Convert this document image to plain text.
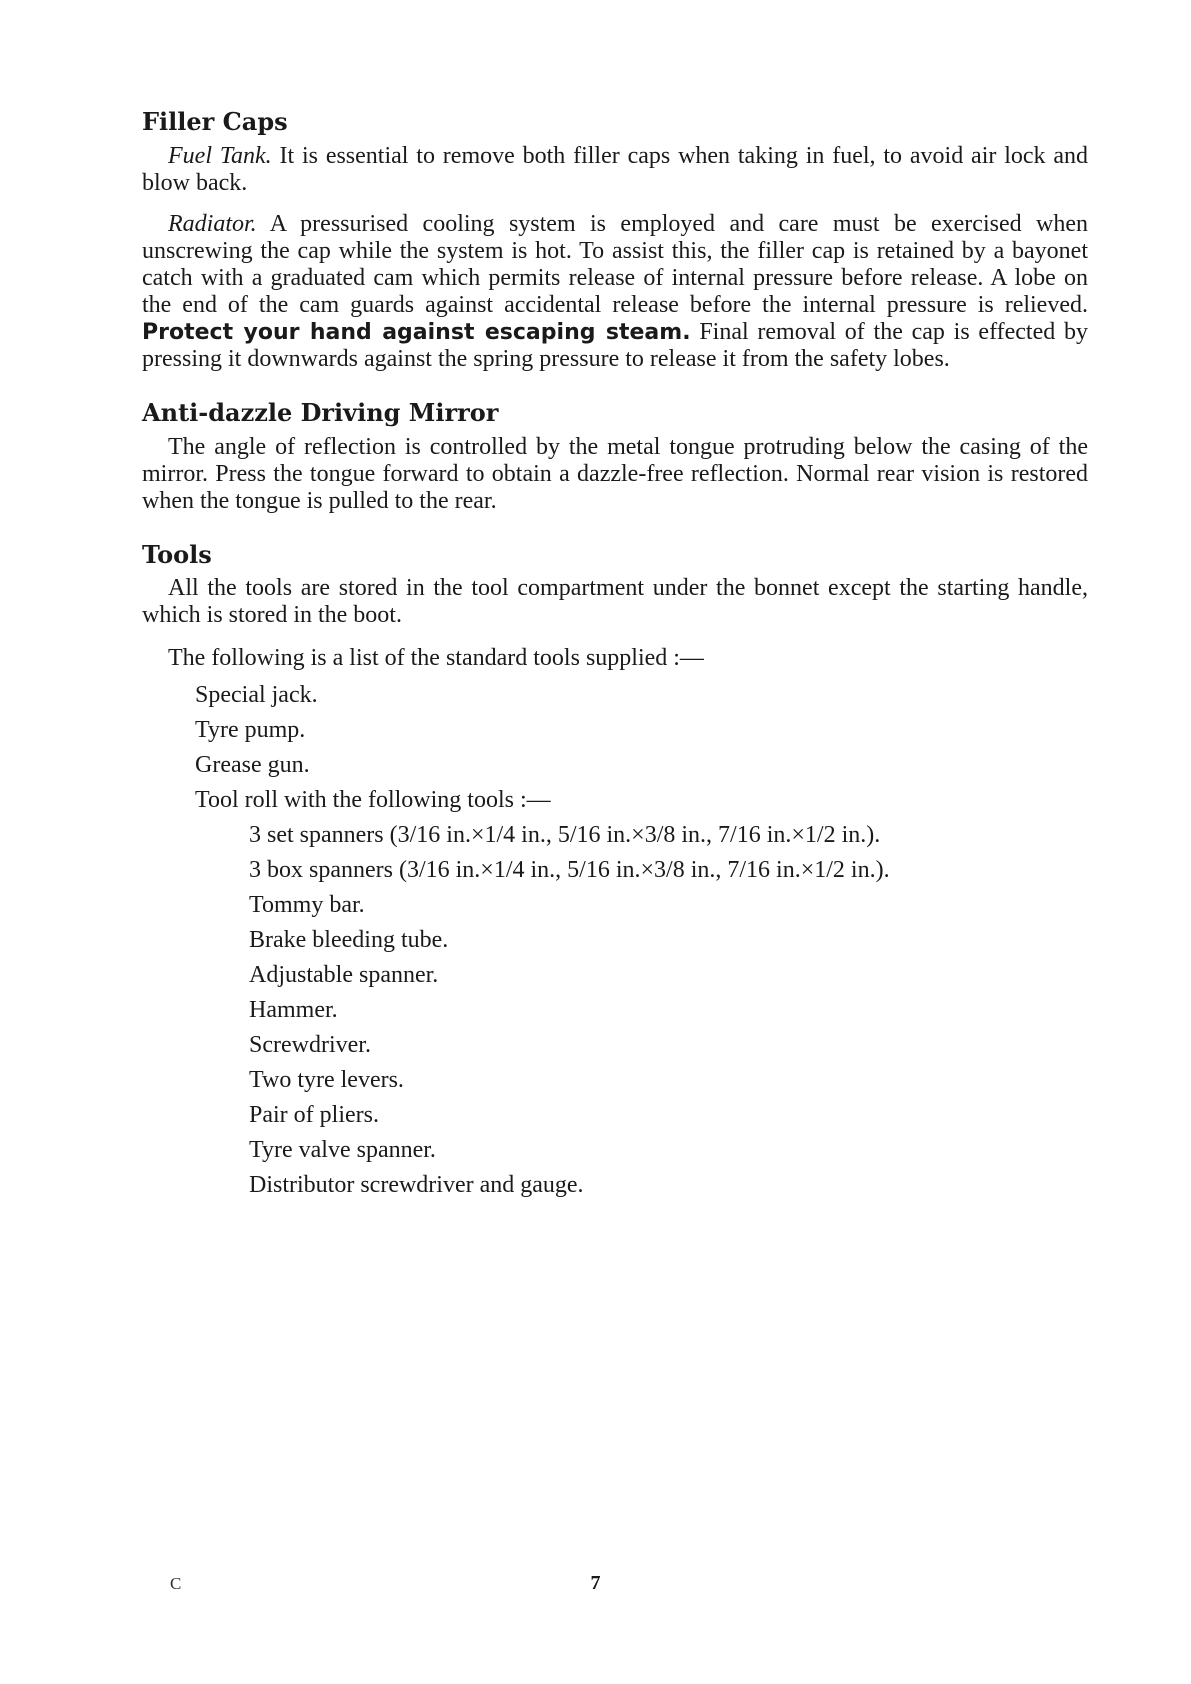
Filler Caps

Fuel Tank. It is essential to remove both filler caps when taking in fuel, to avoid air lock and blow back.

Radiator. A pressurised cooling system is employed and care must be exercised when unscrewing the cap while the system is hot. To assist this, the filler cap is retained by a bayonet catch with a graduated cam which permits release of internal pressure before release. A lobe on the end of the cam guards against accidental release before the internal pressure is relieved. Protect your hand against escaping steam. Final removal of the cap is effected by pressing it downwards against the spring pressure to release it from the safety lobes.

Anti-dazzle Driving Mirror

The angle of reflection is controlled by the metal tongue protruding below the casing of the mirror. Press the tongue forward to obtain a dazzle-free reflection. Normal rear vision is restored when the tongue is pulled to the rear.

Tools

All the tools are stored in the tool compartment under the bonnet except the starting handle, which is stored in the boot.

The following is a list of the standard tools supplied :—

Special jack.
Tyre pump.
Grease gun.
Tool roll with the following tools :—
3 set spanners (3/16 in.×1/4 in., 5/16 in.×3/8 in., 7/16 in.×1/2 in.).
3 box spanners (3/16 in.×1/4 in., 5/16 in.×3/8 in., 7/16 in.×1/2 in.).
Tommy bar.
Brake bleeding tube.
Adjustable spanner.
Hammer.
Screwdriver.
Two tyre levers.
Pair of pliers.
Tyre valve spanner.
Distributor screwdriver and gauge.
C	7
